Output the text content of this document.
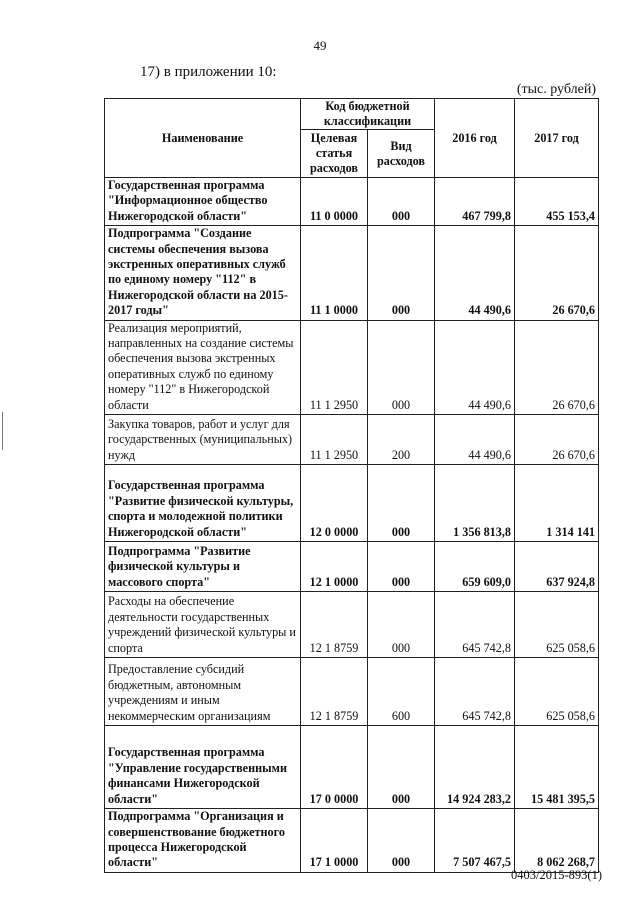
49
17) в приложении 10:
(тыс. рублей)
Наименование	Код бюджетной классификации		2016 год	2017 год
	Целевая статья расходов	Вид расходов		
Государственная программа "Информационное общество Нижегородской области"	11 0 0000	000	467 799,8	455 153,4
Подпрограмма "Создание системы обеспечения вызова экстренных оперативных служб по единому номеру "112" в Нижегородской области на 2015-2017 годы"	11 1 0000	000	44 490,6	26 670,6
Реализация мероприятий, направленных на создание системы обеспечения вызова экстренных оперативных служб по единому номеру "112" в Нижегородской области	11 1 2950	000	44 490,6	26 670,6
Закупка товаров, работ и услуг для государственных (муниципальных) нужд	11 1 2950	200	44 490,6	26 670,6
Государственная программа "Развитие физической культуры, спорта и молодежной политики Нижегородской области"	12 0 0000	000	1 356 813,8	1 314 141
Подпрограмма "Развитие физической культуры и массового спорта"	12 1 0000	000	659 609,0	637 924,8
Расходы на обеспечение деятельности государственных учреждений физической культуры и спорта	12 1 8759	000	645 742,8	625 058,6
Предоставление субсидий бюджетным, автономным учреждениям и иным некоммерческим организациям	12 1 8759	600	645 742,8	625 058,6
Государственная программа "Управление государственными финансами Нижегородской области"	17 0 0000	000	14 924 283,2	15 481 395,5
Подпрограмма "Организация и совершенствование бюджетного процесса Нижегородской области"	17 1 0000	000	7 507 467,5	8 062 268,7
0403/2015-893(1)
